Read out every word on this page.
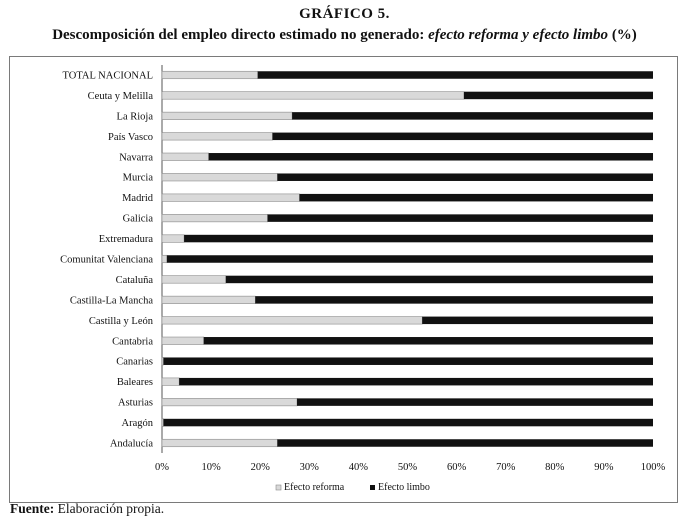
GRÁFICO 5.
Descomposición del empleo directo estimado no generado: efecto reforma y efecto limbo (%)
TOTAL NACIONAL
Ceuta y Melilla
La Rioja
País Vasco
Navarra
Murcia
Madrid
Galicia
Extremadura
Comunitat Valenciana
Cataluña
Castilla-La Mancha
Castilla y León
Cantabria
Canarias
Baleares
Asturias
Aragón
Andalucía
0%	10%	20%	30%	40%	50%	60%	70%	80%	90%	100%
Efecto reforma	Efecto limbo
Fuente: Elaboración propia.
